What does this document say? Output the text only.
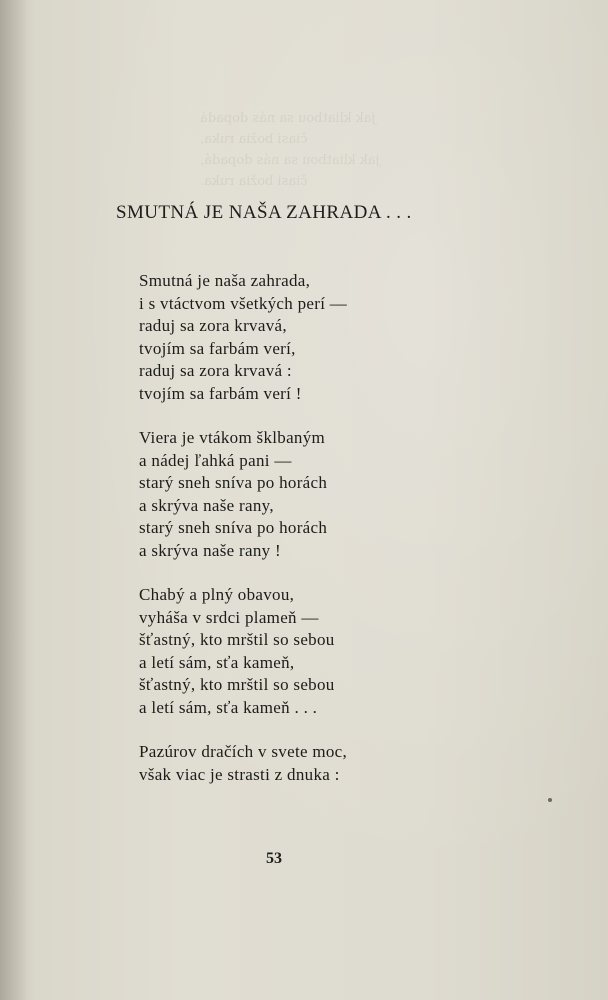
jak kliatbou sa nás dopadá
	čiasi božia ruka,
jak kliatbou sa nás dopadá,
	čiasi božia ruka.
SMUTNÁ JE NAŠA ZAHRADA . . .
Smutná je naša zahrada,
i s vtáctvom všetkých perí —
raduj sa zora krvavá,
tvojím sa farbám verí,
raduj sa zora krvavá :
tvojím sa farbám verí !
Viera je vtákom šklbaným
a nádej ľahká pani —
starý sneh sníva po horách
a skrýva naše rany,
starý sneh sníva po horách
a skrýva naše rany !
Chabý a plný obavou,
vyháša v srdci plameň —
šťastný, kto mrštil so sebou
a letí sám, sťa kameň,
šťastný, kto mrštil so sebou
a letí sám, sťa kameň . . .
Pazúrov dračích v svete moc,
však viac je strasti z dnuka :
53
